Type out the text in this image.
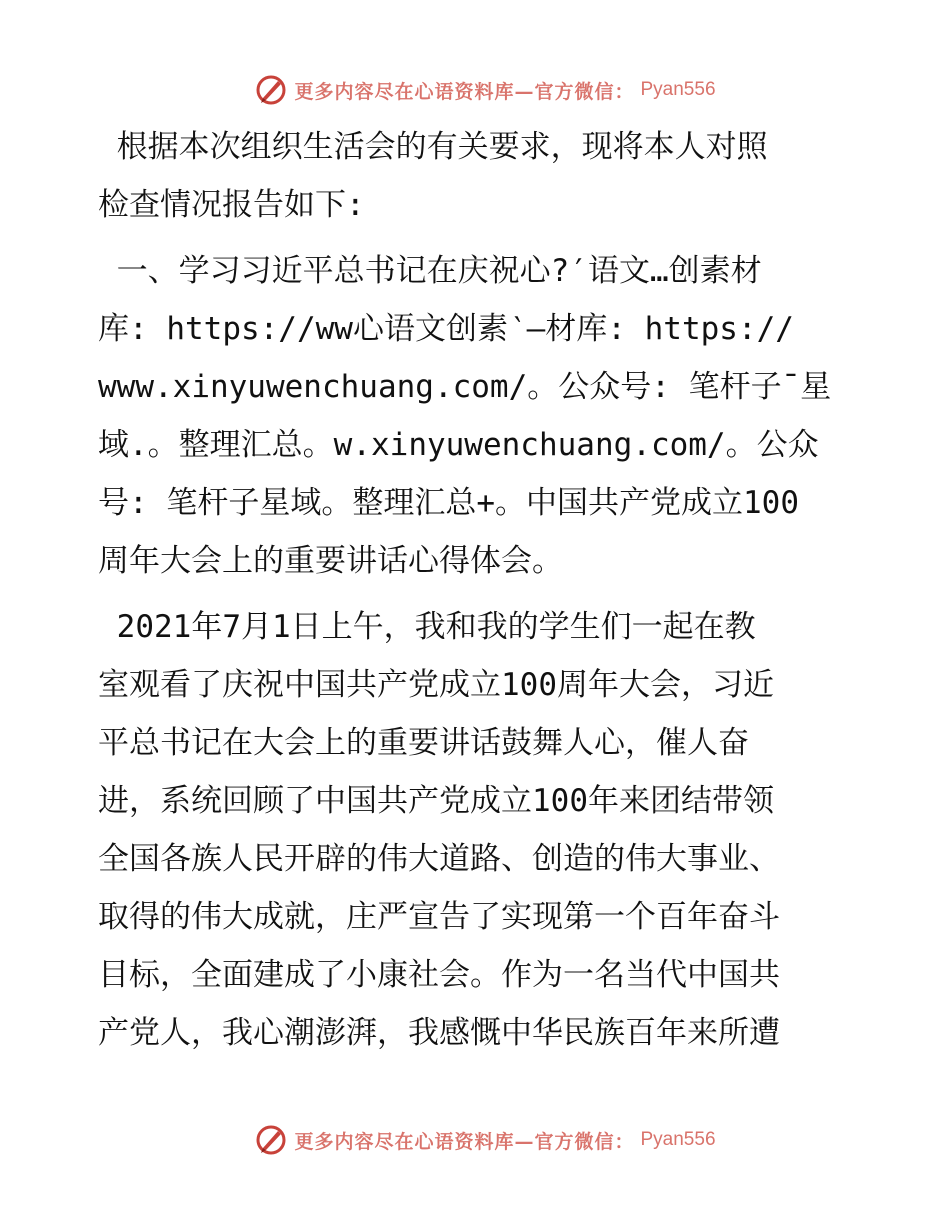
更多内容尽在心语资料库—官方微信： Pyan556
根据本次组织生活会的有关要求，现将本人对照
检查情况报告如下:
一、学习习近平总书记在庆祝心?′语文…创素材
库: https://ww心语文创素‵—材库: https://
www.xinyuwenchuang.com/。公众号: 笔杆子¯星
域.。整理汇总。w.xinyuwenchuang.com/。公众
号: 笔杆子星域。整理汇总+。中国共产党成立100
周年大会上的重要讲话心得体会。
2021年7月1日上午，我和我的学生们一起在教
室观看了庆祝中国共产党成立100周年大会，习近
平总书记在大会上的重要讲话鼓舞人心，催人奋
进，系统回顾了中国共产党成立100年来团结带领
全国各族人民开辟的伟大道路、创造的伟大事业、
取得的伟大成就，庄严宣告了实现第一个百年奋斗
目标，全面建成了小康社会。作为一名当代中国共
产党人，我心潮澎湃，我感慨中华民族百年来所遭
更多内容尽在心语资料库—官方微信： Pyan556
